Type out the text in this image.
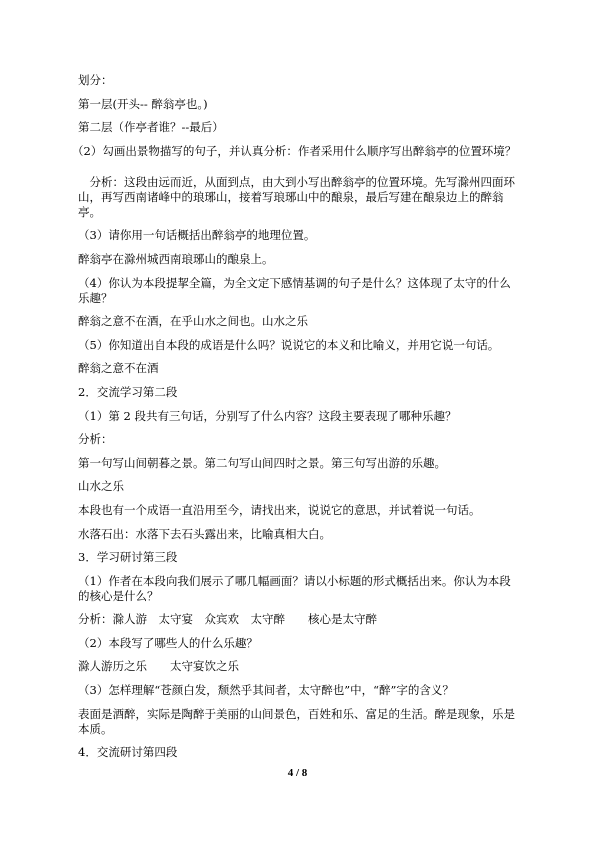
划分：
第一层(开头-- 醉翁亭也。)
第二层（作亭者谁？--最后）
（2）勾画出景物描写的句子，并认真分析：作者采用什么顺序写出醉翁亭的位置环境？
分析：这段由远而近，从面到点，由大到小写出醉翁亭的位置环境。先写滁州四面环山，再写西南诸峰中的琅琊山，接着写琅琊山中的酿泉，最后写建在酿泉边上的醉翁亭。
（3）请你用一句话概括出醉翁亭的地理位置。
醉翁亭在滁州城西南琅琊山的酿泉上。
（4）你认为本段提挈全篇，为全文定下感情基调的句子是什么？这体现了太守的什么乐趣？
醉翁之意不在酒，在乎山水之间也。山水之乐
（5）你知道出自本段的成语是什么吗？说说它的本义和比喻义，并用它说一句话。
醉翁之意不在酒
2．交流学习第二段
（1）第 2 段共有三句话，分别写了什么内容？这段主要表现了哪种乐趣？
分析：
第一句写山间朝暮之景。第二句写山间四时之景。第三句写出游的乐趣。
山水之乐
本段也有一个成语一直沿用至今，请找出来，说说它的意思，并试着说一句话。
水落石出：水落下去石头露出来，比喻真相大白。
3．学习研讨第三段
（1）作者在本段向我们展示了哪几幅画面？请以小标题的形式概括出来。你认为本段的核心是什么？
分析：滁人游　太守宴　众宾欢　太守醉　　核心是太守醉
（2）本段写了哪些人的什么乐趣？
滁人游历之乐　　太守宴饮之乐
（3）怎样理解“苍颜白发，颓然乎其间者，太守醉也”中，“醉”字的含义？
表面是酒醉，实际是陶醉于美丽的山间景色，百姓和乐、富足的生活。醉是现象，乐是本质。
4．交流研讨第四段
4 / 8
